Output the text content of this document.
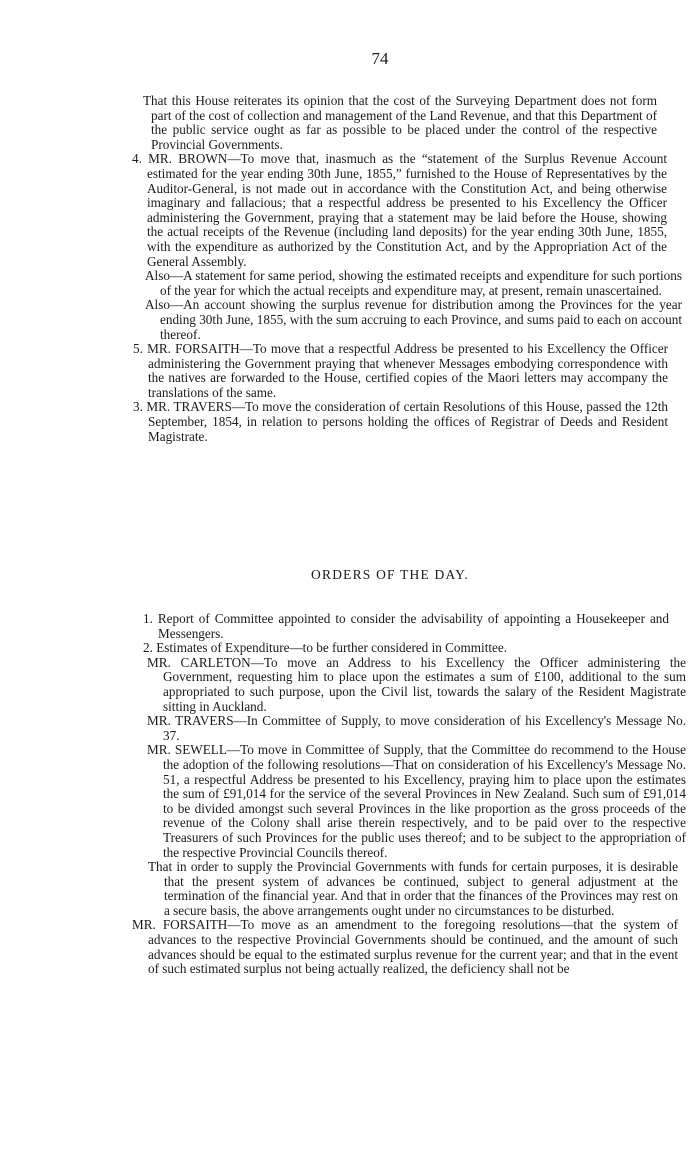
74

That this House reiterates its opinion that the cost of the Surveying Department does not form part of the cost of collection and management of the Land Revenue, and that this Department of the public service ought as far as possible to be placed under the control of the respective Provincial Governments.

4. MR. BROWN—To move that, inasmuch as the “statement of the Surplus Revenue Account estimated for the year ending 30th June, 1855,” furnished to the House of Representatives by the Auditor-General, is not made out in accordance with the Constitution Act, and being otherwise imaginary and fallacious; that a respectful address be presented to his Excellency the Officer administering the Government, praying that a statement may be laid before the House, showing the actual receipts of the Revenue (including land deposits) for the year ending 30th June, 1855, with the expenditure as authorized by the Constitution Act, and by the Appropriation Act of the General Assembly.

Also—A statement for same period, showing the estimated receipts and expenditure for such portions of the year for which the actual receipts and expenditure may, at present, remain unascertained.

Also—An account showing the surplus revenue for distribution among the Provinces for the year ending 30th June, 1855, with the sum accruing to each Province, and sums paid to each on account thereof.

5. MR. FORSAITH—To move that a respectful Address be presented to his Excellency the Officer administering the Government praying that whenever Messages embodying correspondence with the natives are forwarded to the House, certified copies of the Maori letters may accompany the translations of the same.

3. MR. TRAVERS—To move the consideration of certain Resolutions of this House, passed the 12th September, 1854, in relation to persons holding the offices of Registrar of Deeds and Resident Magistrate.

ORDERS OF THE DAY.

1. Report of Committee appointed to consider the advisability of appointing a Housekeeper and Messengers.

2. Estimates of Expenditure—to be further considered in Committee.

MR. CARLETON—To move an Address to his Excellency the Officer administering the Government, requesting him to place upon the estimates a sum of £100, additional to the sum appropriated to such purpose, upon the Civil list, towards the salary of the Resident Magistrate sitting in Auckland.

MR. TRAVERS—In Committee of Supply, to move consideration of his Excellency's Message No. 37.

MR. SEWELL—To move in Committee of Supply, that the Committee do recommend to the House the adoption of the following resolutions—That on consideration of his Excellency's Message No. 51, a respectful Address be presented to his Excellency, praying him to place upon the estimates the sum of £91,014 for the service of the several Provinces in New Zealand. Such sum of £91,014 to be divided amongst such several Provinces in the like proportion as the gross proceeds of the revenue of the Colony shall arise therein respectively, and to be paid over to the respective Treasurers of such Provinces for the public uses thereof; and to be subject to the appropriation of the respective Provincial Councils thereof.

That in order to supply the Provincial Governments with funds for certain purposes, it is desirable that the present system of advances be continued, subject to general adjustment at the termination of the financial year. And that in order that the finances of the Provinces may rest on a secure basis, the above arrangements ought under no circumstances to be disturbed.

MR. FORSAITH—To move as an amendment to the foregoing resolutions—that the system of advances to the respective Provincial Governments should be continued, and the amount of such advances should be equal to the estimated surplus revenue for the current year; and that in the event of such estimated surplus not being actually realized, the deficiency shall not be
